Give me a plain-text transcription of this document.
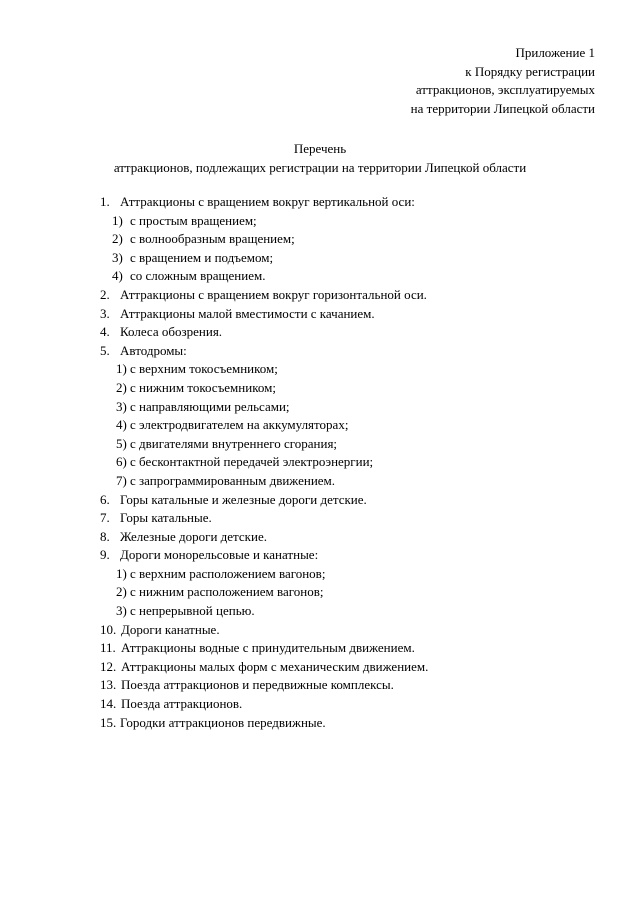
Приложение 1
к Порядку регистрации
аттракционов, эксплуатируемых
на территории Липецкой области
Перечень
аттракционов, подлежащих регистрации на территории Липецкой области
1. Аттракционы с вращением вокруг вертикальной оси:
1) с простым вращением;
2) с волнообразным вращением;
3) с вращением и подъемом;
4) со сложным вращением.
2. Аттракционы с вращением вокруг горизонтальной оси.
3. Аттракционы малой вместимости с качанием.
4. Колеса обозрения.
5. Автодромы:
1) с верхним токосъемником;
2) с нижним токосъемником;
3) с направляющими рельсами;
4) с электродвигателем на аккумуляторах;
5) с двигателями внутреннего сгорания;
6) с бесконтактной передачей электроэнергии;
7) с запрограммированным движением.
6. Горы катальные и железные дороги детские.
7. Горы катальные.
8. Железные дороги детские.
9. Дороги монорельсовые и канатные:
1) с верхним расположением вагонов;
2) с нижним расположением вагонов;
3) с непрерывной цепью.
10. Дороги канатные.
11. Аттракционы водные с принудительным движением.
12. Аттракционы малых форм с механическим движением.
13. Поезда аттракционов и передвижные комплексы.
14. Поезда аттракционов.
15. Городки аттракционов передвижные.
